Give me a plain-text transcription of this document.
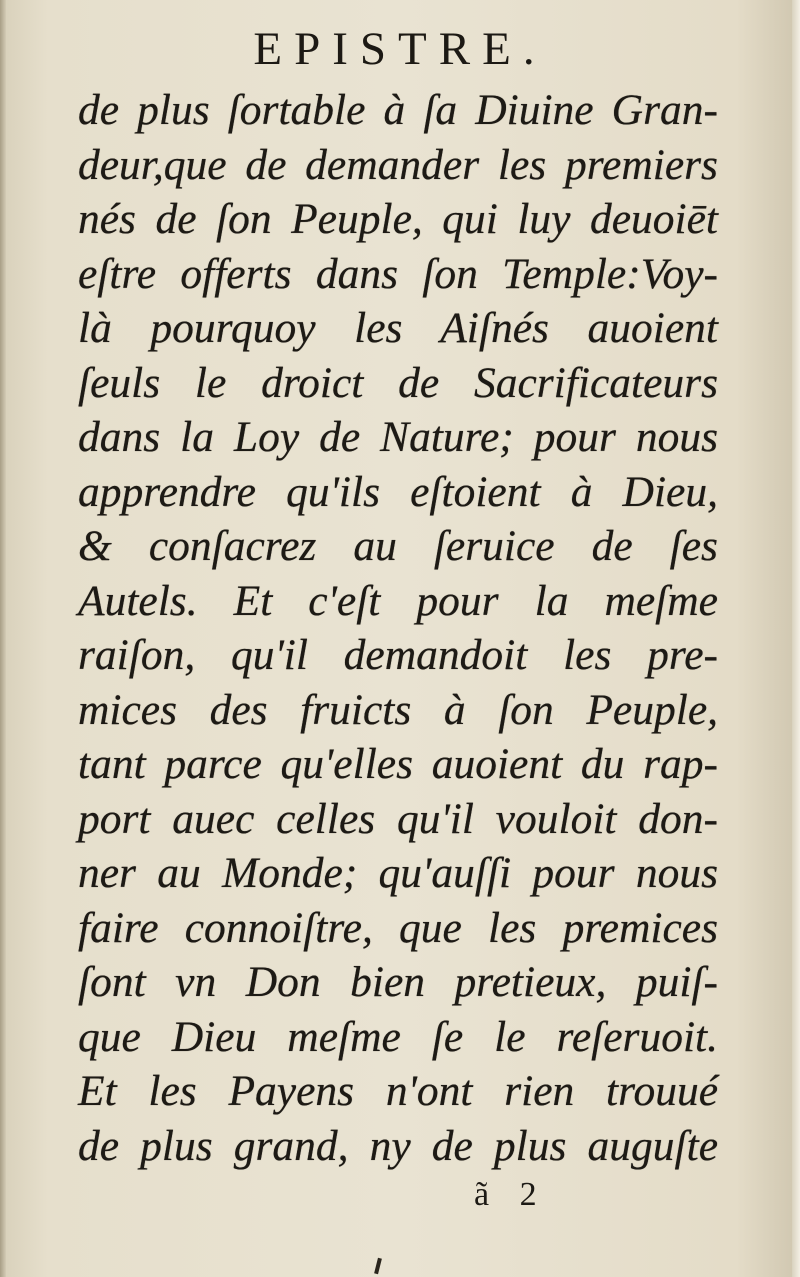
EPISTRE.
de plus ſortable à ſa Diuine Gran-
deur,que de demander les premiers
nés de ſon Peuple, qui luy deuoiēt
eſtre offerts dans ſon Temple:Voy-
là pourquoy les Aiſnés auoient
ſeuls le droict de Sacrificateurs
dans la Loy de Nature; pour nous
apprendre qu'ils eſtoient à Dieu,
& conſacrez au ſeruice de ſes
Autels. Et c'eſt pour la meſme
raiſon, qu'il demandoit les pre-
mices des fruicts à ſon Peuple,
tant parce qu'elles auoient du rap-
port auec celles qu'il vouloit don-
ner au Monde; qu'auſſi pour nous
faire connoiſtre, que les premices
ſont vn Don bien pretieux, puiſ-
que Dieu meſme ſe le reſeruoit.
Et les Payens n'ont rien trouué
de plus grand, ny de plus auguſte
ã 2
